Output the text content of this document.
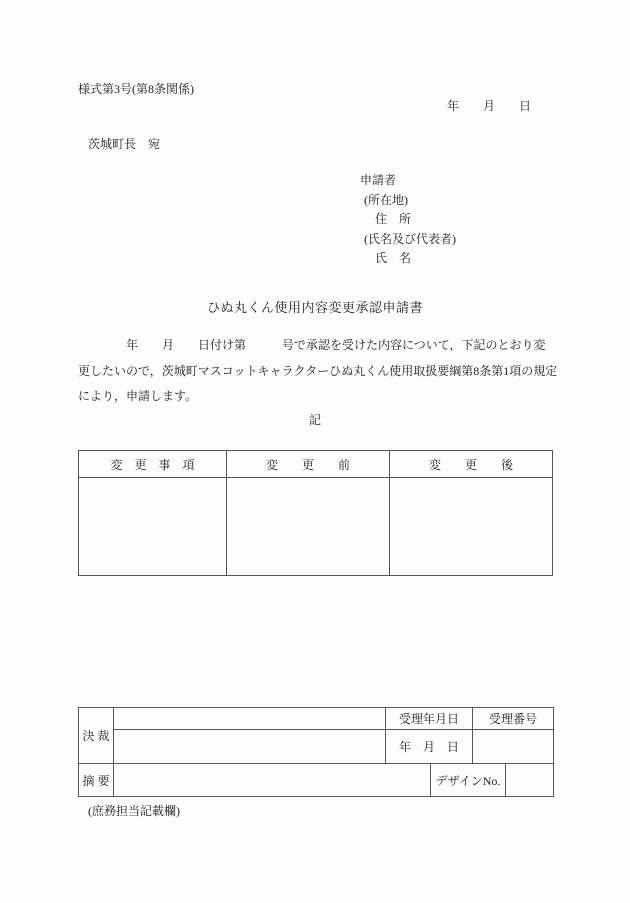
様式第3号(第8条関係)
年　　月　　日
茨城町長　宛
申請者
(所在地)
住　所
(氏名及び代表者)
氏　名
ひぬ丸くん使用内容変更承認申請書
　　　　年　　月　　日付け第　　　号で承認を受けた内容について，下記のとおり変
更したいので，茨城町マスコットキャラクターひぬ丸くん使用取扱要綱第8条第1項の規定
により，申請します。
記
変　更　事　項	変　　更　　前	変　　更　　後

決 裁		受理年月日		受理番号	
		年　月　日			
摘 要			デザインNo.		
(庶務担当記載欄)
